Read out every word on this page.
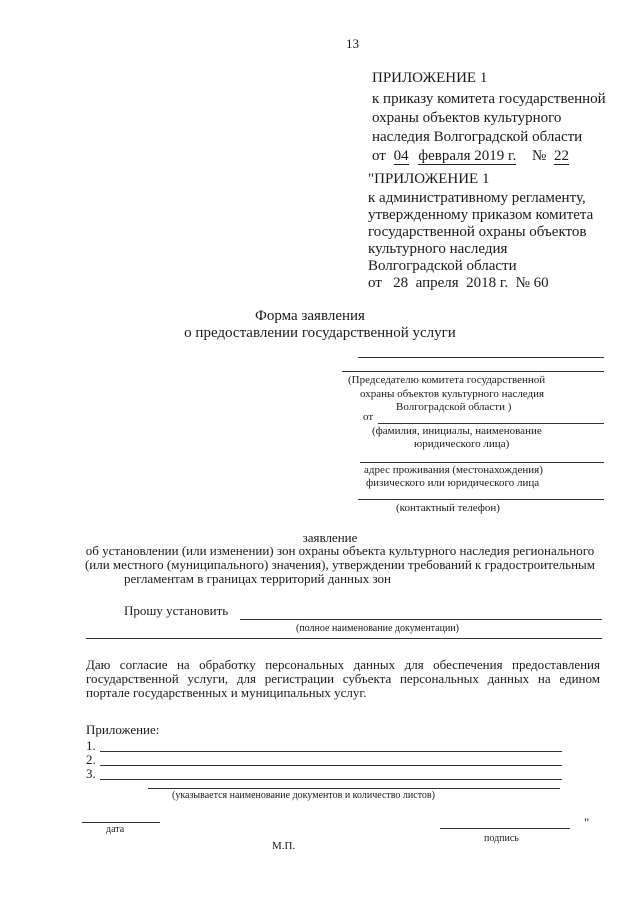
13
ПРИЛОЖЕНИЕ 1
к приказу комитета государственной
охраны объектов культурного
наследия Волгоградской области
от 04 февраля 2019 г. № 22
"ПРИЛОЖЕНИЕ 1
к административному регламенту,
утвержденному приказом комитета
государственной охраны объектов
культурного наследия
Волгоградской области
от   28  апреля  2018 г.  № 60
Форма заявления
о предоставлении государственной услуги
(Председателю комитета государственной
охраны объектов культурного наследия
Волгоградской области )
от
(фамилия, инициалы, наименование
юридического лица)
адрес проживания (местонахождения)
физического или юридического лица
(контактный телефон)
заявление
об установлении (или изменении) зон охраны объекта культурного наследия регионального
(или местного (муниципального) значения), утверждении требований к градостроительным
регламентам в границах территорий данных зон
Прошу установить
(полное наименование документации)
Даю согласие на обработку персональных данных для обеспечения предоставления
государственной услуги, для регистрации субъекта персональных данных на едином
портале государственных и муниципальных услуг.
Приложение:
1.
2.
3.
(указывается наименование документов и количество листов)
дата	"
подпись
М.П.
